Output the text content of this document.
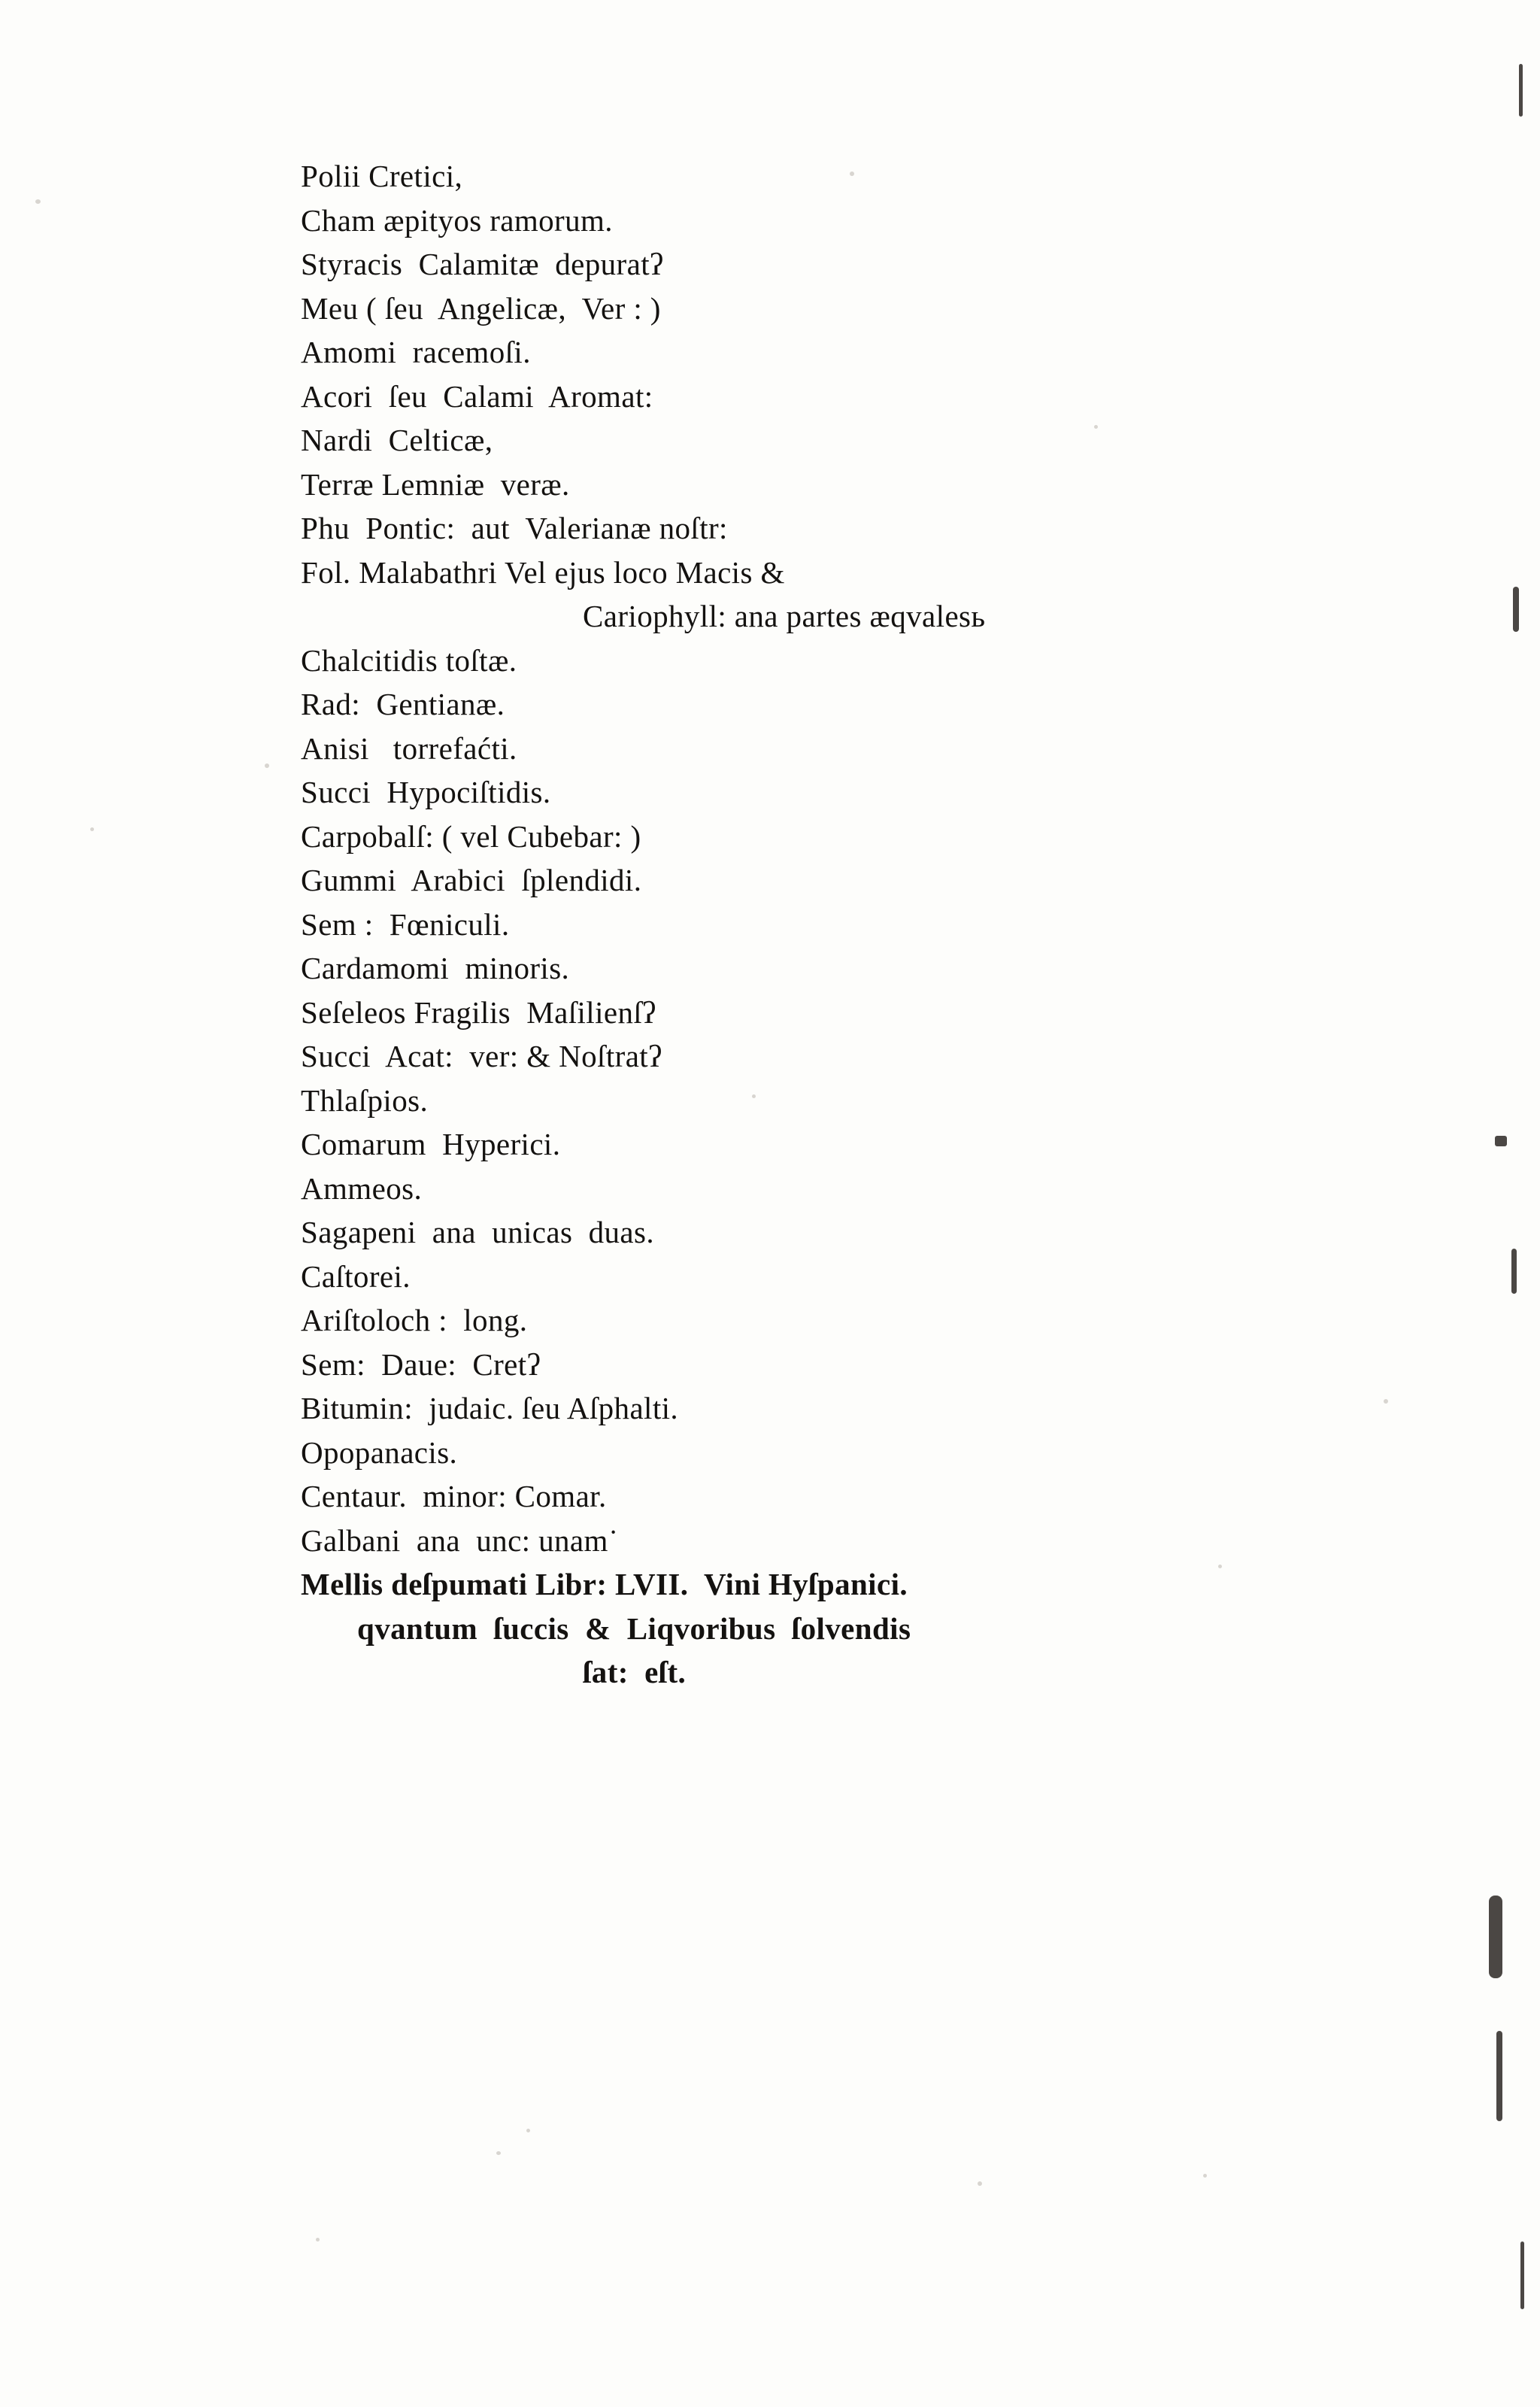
Polii Cretici,
Cham æpityos ramorum.
Styracis  Calamitæ  depuratʔ
Meu ( ſeu  Angelicæ,  Ver : )
Amomi  racemoſi.
Acori  ſeu  Calami  Aromat:
Nardi  Celticæ,
Terræ Lemniæ  veræ.
Phu  Pontic:  aut  Valerianæ noſtr:
Fol. Malabathri Vel ejus loco Macis &
Cariophyll: ana partes æqvаlesь
Chalcitidis toſtæ.
Rad:  Gentianæ.
Anisi   torrefaćti.
Succi  Hypociſtidis.
Carpobalſ: ( vel Cubebar: )
Gummi  Arabici  ſplendidi.
Sem :  Fœniculi.
Cardamomi  minoris.
Seſeleos Fragilis  Maſilienſʔ
Succi  Acat:  ver: & Noſtratʔ
Thlaſpios.
Comarum  Hyperici.
Ammeos.
Sagapeni  ana  unicas  duas.
Caſtorei.
Ariſtoloch :  long.
Sem:  Daue:  Cretʔ
Bitumin:  judaic. ſeu Aſphalti.
Opopanacis.
Centaur.  minor: Comar.
Galbani  ana  unc: unam˙
Mellis deſpumati Libr: LVII.  Vini Hyſpanici.
qvantum  ſuccis  &  Liqvoribus  ſolvendis
ſat:  eſt.
